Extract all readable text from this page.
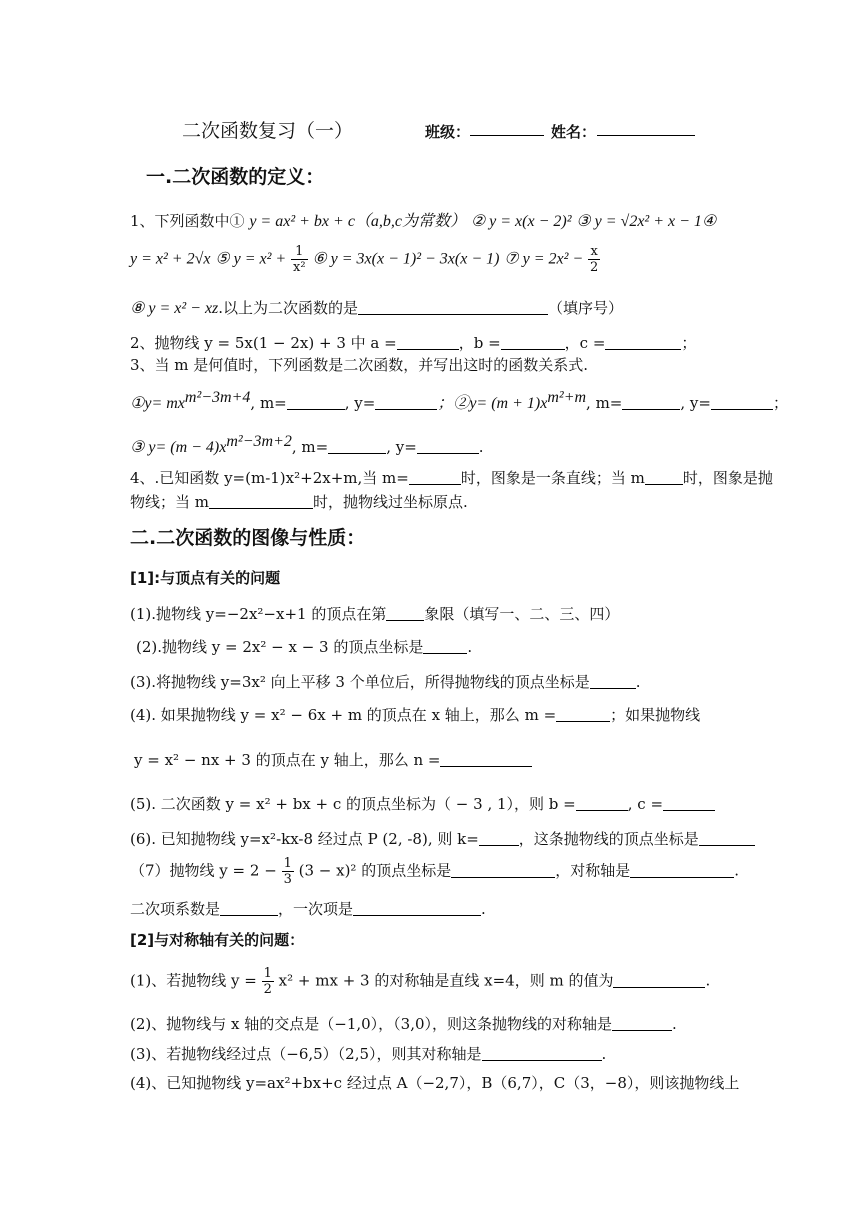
二次函数复习（一）	班级：	姓名：
一.二次函数的定义：
1、下列函数中① y = ax² + bx + c（a,b,c为常数） ② y = x(x − 2)² ③ y = √2x² + x − 1④
y = x² + 2√x ⑤ $y = x^2 + \frac{1}{\text{x²}}$ ⑥ y = 3x(x − 1)² − 3x(x − 1) ⑦ $y = 2x^2 - \frac{x}{2}$
⑧ y = x² − xz.以上为二次函数的是	（填序号）
2、抛物线 y = 5x(1 − 2x) + 3 中 a =	，b =	，c =	；
3、当 m 是何值时，下列函数是二次函数，并写出这时的函数关系式.
①y= $mx^{m^2-3m+4}$, m=	, y=	；②y= $(m + 1)x^{m^2+m}$, m=	, y=	；
③ $y= (m - 4)x^{m^2-3m+2}$, m=	, y=	.
4、.已知函数 y=(m-1)x²+2x+m,当 m=	时，图象是一条直线；当 m	时，图象是抛
物线；当 m	时，抛物线过坐标原点.
二.二次函数的图像与性质：
[1]:与顶点有关的问题
(1).抛物线 y=−2x²−x+1 的顶点在第	象限（填写一、二、三、四）
(2).抛物线 y = 2x² − x − 3 的顶点坐标是	.
(3).将抛物线 y=3x² 向上平移 3 个单位后，所得抛物线的顶点坐标是	.
(4). 如果抛物线 y = x² − 6x + m 的顶点在 x 轴上，那么 m =	；如果抛物线
y = x² − nx + 3 的顶点在 y 轴上，那么 n =
(5). 二次函数 y = x² + bx + c 的顶点坐标为（ − 3 , 1），则 b =	, c =
(6). 已知抛物线 y=x²-kx-8 经过点 P (2, -8), 则 k=	，这条抛物线的顶点坐标是
（7）抛物线 $y = 2 - \frac{1}{3} (3 - x)^2$ 的顶点坐标是	，对称轴是	.
二次项系数是	，一次项是	.
[2]与对称轴有关的问题：
(1)、若抛物线 $y = \frac{1}{2} x^2$ + mx + 3 的对称轴是直线 x=4，则 m 的值为	.
(2)、抛物线与 x 轴的交点是（−1,0），（3,0），则这条抛物线的对称轴是	.
(3)、若抛物线经过点（−6,5）（2,5），则其对称轴是	.
(4)、已知抛物线 y=ax²+bx+c 经过点 A（−2,7），B（6,7），C（3，−8），则该抛物线上
